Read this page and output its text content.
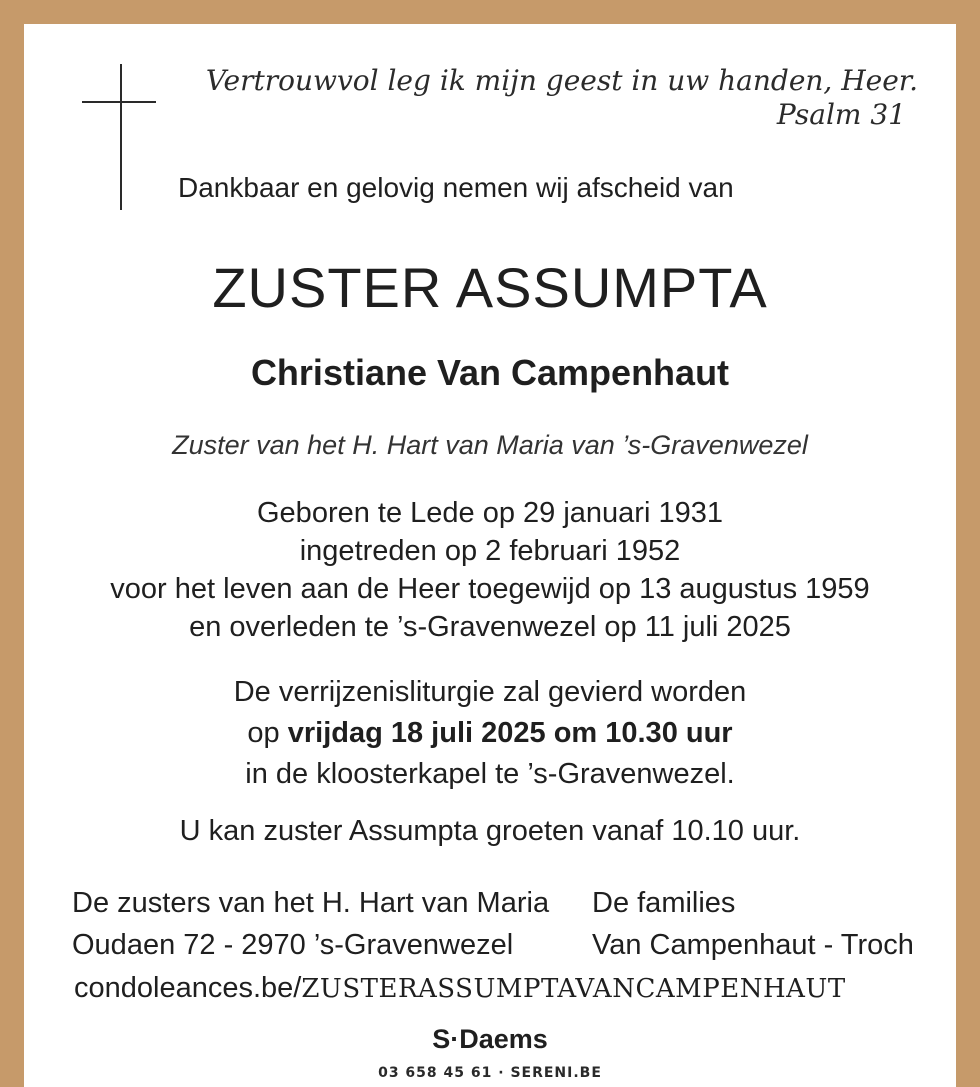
Vertrouwvol leg ik mijn geest in uw handen, Heer.
Psalm 31
Dankbaar en gelovig nemen wij afscheid van
ZUSTER ASSUMPTA
Christiane Van Campenhaut
Zuster van het H. Hart van Maria van ’s-Gravenwezel
Geboren te Lede op 29 januari 1931
ingetreden op 2 februari 1952
voor het leven aan de Heer toegewijd op 13 augustus 1959
en overleden te ’s-Gravenwezel op 11 juli 2025
De verrijzenisliturgie zal gevierd worden
op vrijdag 18 juli 2025 om 10.30 uur
in de kloosterkapel te ’s-Gravenwezel.
U kan zuster Assumpta groeten vanaf 10.10 uur.
De zusters van het H. Hart van Maria
Oudaen 72 - 2970 ’s-Gravenwezel
De families
Van Campenhaut - Troch
condoleances.be/ZUSTERASSUMPTAVANCAMPENHAUT
S·Daems
03 658 45 61 · SERENI.BE
